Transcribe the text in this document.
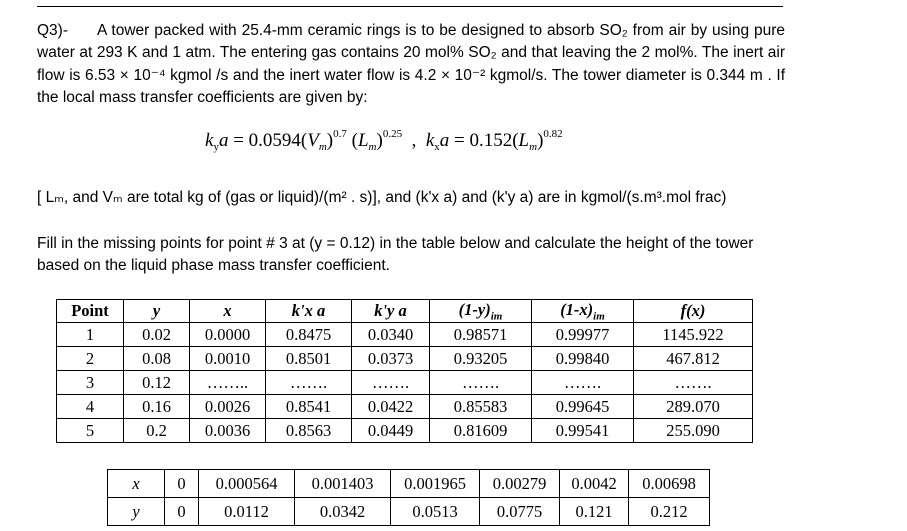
Q3)- A tower packed with 25.4-mm ceramic rings is to be designed to absorb SO₂ from air by using pure water at 293 K and 1 atm. The entering gas contains 20 mol% SO₂ and that leaving the 2 mol%. The inert air flow is 6.53 × 10⁻⁴ kgmol /s and the inert water flow is 4.2 × 10⁻² kgmol/s. The tower diameter is 0.344 m . If the local mass transfer coefficients are given by:
$k_ya = 0.0594(V_m)^{0.7}$ $(L_m)^{0.25}$  ,  $k_xa = 0.152(L_m)^{0.82}$
[ Lₘ, and Vₘ are total kg of (gas or liquid)/(m² . s)], and (k'x a) and (k'y a) are in kgmol/(s.m³.mol frac)
Fill in the missing points for point # 3 at (y = 0.12) in the table below and calculate the height of the tower based on the liquid phase mass transfer coefficient.
Point	y	x	k'x a	k'y a	$(1-y)_{im}$	$(1-x)_{im}$	f(x)
1	0.02	0.0000	0.8475	0.0340	0.98571	0.99977	1145.922
2	0.08	0.0010	0.8501	0.0373	0.93205	0.99840	467.812
3	0.12	……..	…….	…….	…….	…….	…….
4	0.16	0.0026	0.8541	0.0422	0.85583	0.99645	289.070
5	0.2	0.0036	0.8563	0.0449	0.81609	0.99541	255.090
x	0	0.000564	0.001403	0.001965	0.00279	0.0042	0.00698
y	0	0.0112	0.0342	0.0513	0.0775	0.121	0.212
